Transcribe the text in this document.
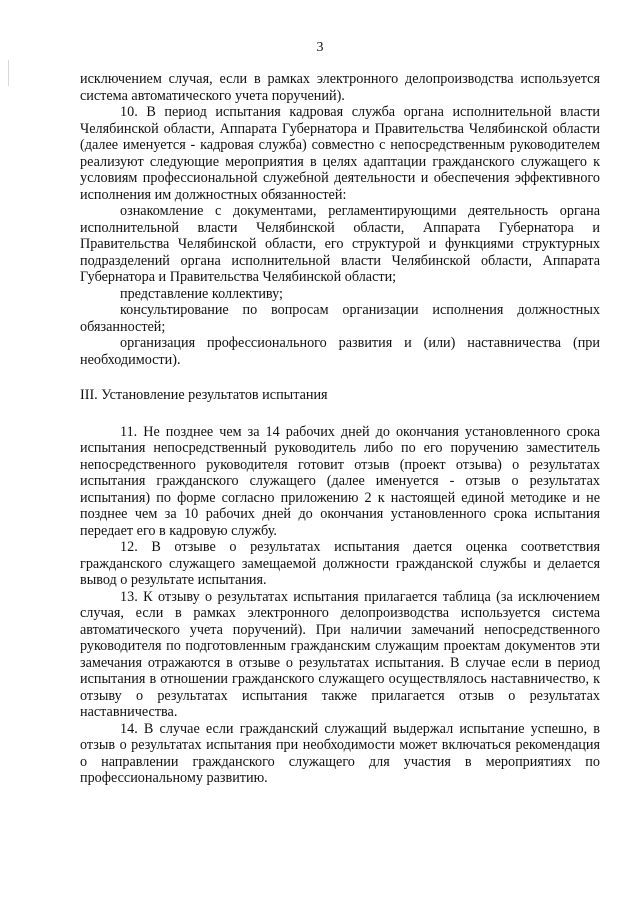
3

исключением случая, если в рамках электронного делопроизводства используется система автоматического учета поручений).

10. В период испытания кадровая служба органа исполнительной власти Челябинской области, Аппарата Губернатора и Правительства Челябинской области (далее именуется - кадровая служба) совместно с непосредственным руководителем реализуют следующие мероприятия в целях адаптации гражданского служащего к условиям профессиональной служебной деятельности и обеспечения эффективного исполнения им должностных обязанностей:

ознакомление с документами, регламентирующими деятельность органа исполнительной власти Челябинской области, Аппарата Губернатора и Правительства Челябинской области, его структурой и функциями структурных подразделений органа исполнительной власти Челябинской области, Аппарата Губернатора и Правительства Челябинской области;

представление коллективу;

консультирование по вопросам организации исполнения должностных обязанностей;

организация профессионального развития и (или) наставничества (при необходимости).

III. Установление результатов испытания

11. Не позднее чем за 14 рабочих дней до окончания установленного срока испытания непосредственный руководитель либо по его поручению заместитель непосредственного руководителя готовит отзыв (проект отзыва) о результатах испытания гражданского служащего (далее именуется - отзыв о результатах испытания) по форме согласно приложению 2 к настоящей единой методике и не позднее чем за 10 рабочих дней до окончания установленного срока испытания передает его в кадровую службу.

12. В отзыве о результатах испытания дается оценка соответствия гражданского служащего замещаемой должности гражданской службы и делается вывод о результате испытания.

13. К отзыву о результатах испытания прилагается таблица (за исключением случая, если в рамках электронного делопроизводства используется система автоматического учета поручений). При наличии замечаний непосредственного руководителя по подготовленным гражданским служащим проектам документов эти замечания отражаются в отзыве о результатах испытания. В случае если в период испытания в отношении гражданского служащего осуществлялось наставничество, к отзыву о результатах испытания также прилагается отзыв о результатах наставничества.

14. В случае если гражданский служащий выдержал испытание успешно, в отзыв о результатах испытания при необходимости может включаться рекомендация о направлении гражданского служащего для участия в мероприятиях по профессиональному развитию.
